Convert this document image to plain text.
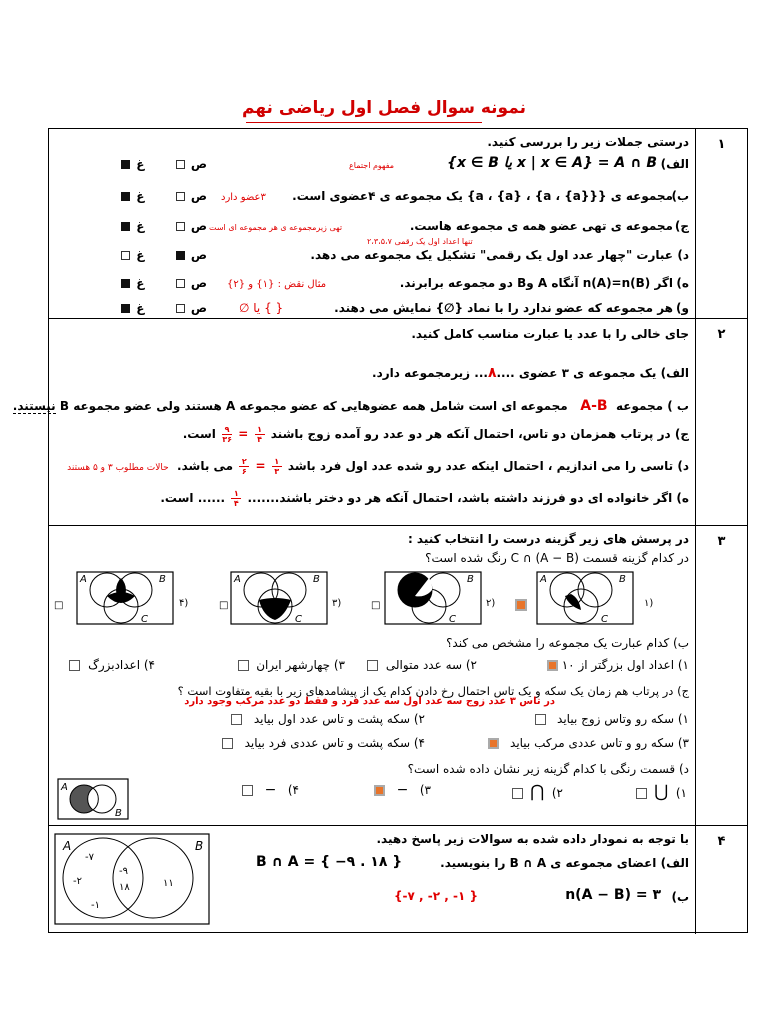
نمونه سوال فصل اول ریاضی نهم
۱
درستی جملات زیر را بررسی کنید.
الف)
A ∩ B = {x | x ∈ A یا x ∈ B}
مفهوم اجتماع
ص        غ
ب)
مجموعه ی {a ، {a} ، {a ، {a}}} یک مجموعه ی ۴عضوی است.
۳عضو دارد
ص        غ
ج)
مجموعه ی تهی عضو همه ی مجموعه هاست.
تهی زیرمجموعه ی هر مجموعه ای است
ص        غ
د)
عبارت "چهار عدد اول یک رقمی" تشکیل یک مجموعه می دهد.
تنها اعداد اول یک رقمی ۲،۳،۵،۷
ص        غ
ه)
اگر n(A)=n(B) آنگاه A وB دو مجموعه برابرند.
مثال نقض : {۱} و {۲}
ص        غ
و)
هر مجموعه که عضو ندارد را با نماد {∅} نمایش می دهند.
{ } یا ∅
ص        غ
۲
جای خالی را با عدد یا عبارت مناسب کامل کنید.
الف) یک مجموعه ی ۳ عضوی ....۸... زیرمجموعه دارد.
ب ) مجموعه  A-B   مجموعه ای است شامل همه عضوهایی که عضو مجموعه A هستند ولی عضو مجموعه B نیستند.
ج) در پرتاب همزمان دو تاس، احتمال آنکه هر دو عدد رو آمده زوج باشند
$\frac{۱}{۴}$
=
$\frac{۹}{۳۶}$
است.
د) تاسی را می اندازیم ، احتمال اینکه عدد رو شده عدد اول فرد باشد
$\frac{۱}{۳}$
=
$\frac{۲}{۶}$
می باشد.  حالات مطلوب ۳ و ۵ هستند
ه) اگر خانواده ای دو فرزند داشته باشد، احتمال آنکه هر دو دختر باشند.......
$\frac{۱}{۴}$
...... است.
۳
در پرسش های زیر گزینه درست را انتخاب کنید :
در کدام گزینه قسمت (A − B) ∩ C رنگ شده است؟
□
A	B
C
۴)	□
A	B
C
۳)	□
A	B
C
۲)
A	B
C
۱)
ب) کدام عبارت یک مجموعه را مشخص می کند؟
۱) اعداد اول بزرگتر از ۱۰
۲) سه عدد متوالی
۳) چهارشهر ایران
۴) اعدادبزرگ
ج) در پرتاب هم زمان یک سکه و یک تاس احتمال رخ دادن کدام یک از پیشامدهای زیر با بقیه متفاوت است ؟
در تاس ۳ عدد زوج سه عدد اول سه عدد فرد و فقط دو عدد مرکب وجود دارد
۱) سکه رو وتاس زوج بیاید
۲) سکه پشت و تاس عدد اول بیاید
۳) سکه رو و تاس عددی مرکب بیاید
۴) سکه پشت و تاس عددی فرد بیاید
د) قسمت رنگی با کدام گزینه زیر نشان داده شده است؟
A
B
۱)  ⋃
۲)  ⋂
۳)   −
۴)   −
۴
A	B
-۷
-۲
-۱
-۹
۱۸	۱۱
با توجه به نمودار داده شده به سوالات زیر پاسخ دهید.
الف) اعضای مجموعه ی B ∩ A را بنویسید.
B ∩ A = { −۹ . ۱۸ }
ب)
n(A − B) = ۳
{-۷ , -۲ , -۱ }
